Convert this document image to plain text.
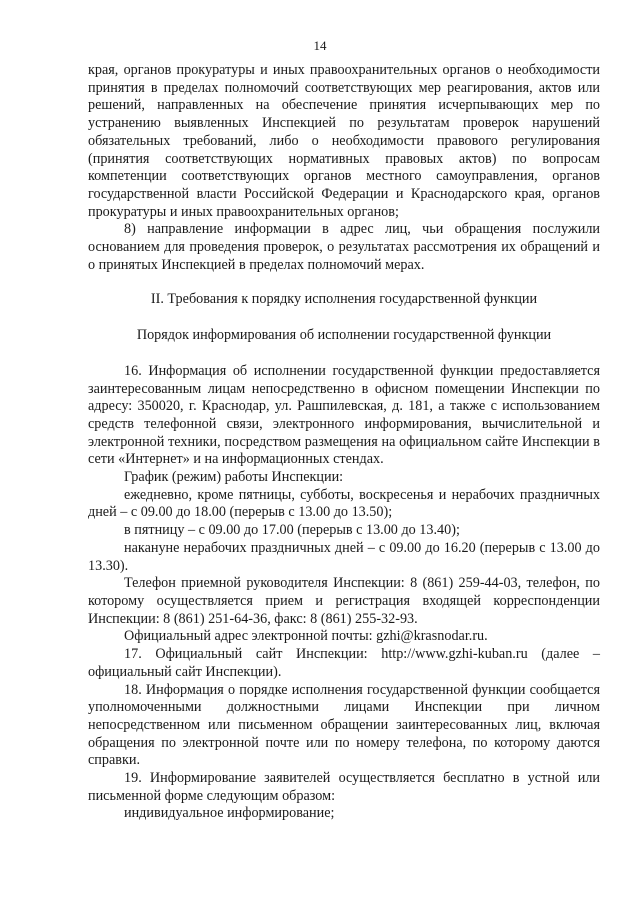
14

края, органов прокуратуры и иных правоохранительных органов о необходимости принятия в пределах полномочий соответствующих мер реагирования, актов или решений, направленных на обеспечение принятия исчерпывающих мер по устранению выявленных Инспекцией по результатам проверок нарушений обязательных требований, либо о необходимости правового регулирования (принятия соответствующих нормативных правовых актов) по вопросам компетенции соответствующих органов местного самоуправления, органов государственной власти Российской Федерации и Краснодарского края, органов прокуратуры и иных правоохранительных органов;

8) направление информации в адрес лиц, чьи обращения послужили основанием для проведения проверок, о результатах рассмотрения их обращений и о принятых Инспекцией в пределах полномочий мерах.

II. Требования к порядку исполнения государственной функции

Порядок информирования об исполнении государственной функции

16. Информация об исполнении государственной функции предоставляется заинтересованным лицам непосредственно в офисном помещении Инспекции по адресу: 350020, г. Краснодар, ул. Рашпилевская, д. 181, а также с использованием средств телефонной связи, электронного информирования, вычислительной и электронной техники, посредством размещения на официальном сайте Инспекции в сети «Интернет» и на информационных стендах.

График (режим) работы Инспекции:

ежедневно, кроме пятницы, субботы, воскресенья и нерабочих праздничных дней – с 09.00 до 18.00 (перерыв с 13.00 до 13.50);

в пятницу – с 09.00 до 17.00 (перерыв с 13.00 до 13.40);

накануне нерабочих праздничных дней – с 09.00 до 16.20 (перерыв с 13.00 до 13.30).

Телефон приемной руководителя Инспекции: 8 (861) 259-44-03, телефон, по которому осуществляется прием и регистрация входящей корреспонденции Инспекции: 8 (861) 251-64-36, факс: 8 (861) 255-32-93.

Официальный адрес электронной почты: gzhi@krasnodar.ru.

17. Официальный сайт Инспекции: http://www.gzhi-kuban.ru (далее – официальный сайт Инспекции).

18. Информация о порядке исполнения государственной функции сообщается уполномоченными должностными лицами Инспекции при личном непосредственном или письменном обращении заинтересованных лиц, включая обращения по электронной почте или по номеру телефона, по которому даются справки.

19. Информирование заявителей осуществляется бесплатно в устной или письменной форме следующим образом:

индивидуальное информирование;
